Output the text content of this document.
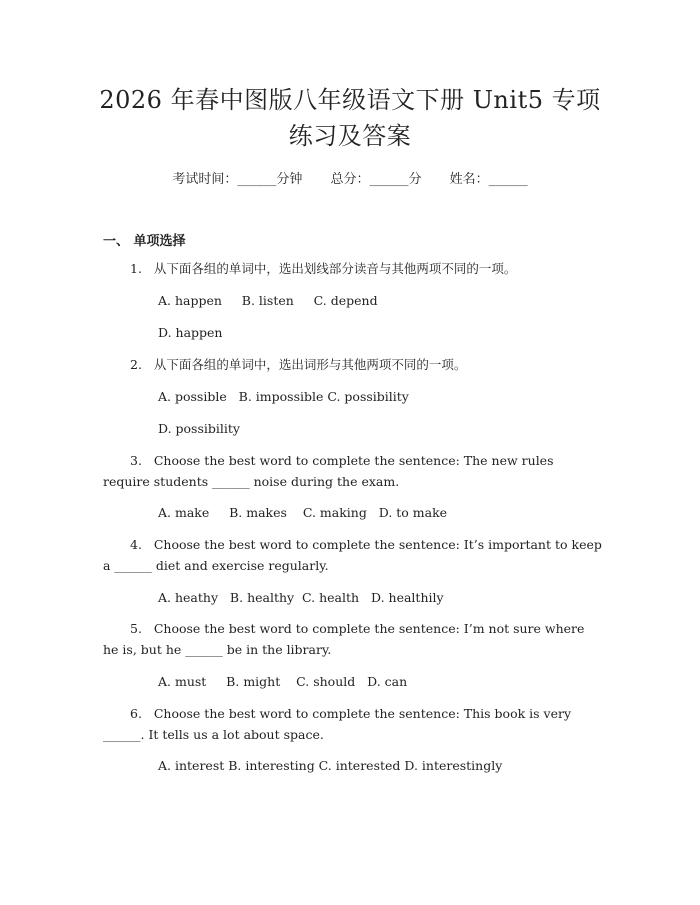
2026 年春中图版八年级语文下册 Unit5 专项
练习及答案
考试时间：______分钟 总分：______分 姓名：______
一、 单项选择
1.   从下面各组的单词中，选出划线部分读音与其他两项不同的一项。
A. happen     B. listen     C. depend
D. happen
2.   从下面各组的单词中，选出词形与其他两项不同的一项。
A. possible   B. impossible C. possibility
D. possibility
3.   Choose the best word to complete the sentence: The new rules require students ______ noise during the exam.
A. make     B. makes    C. making   D. to make
4.   Choose the best word to complete the sentence: It’s important to keep a ______ diet and exercise regularly.
A. heathy   B. healthy  C. health   D. healthily
5.   Choose the best word to complete the sentence: I’m not sure where he is, but he ______ be in the library.
A. must     B. might    C. should   D. can
6.   Choose the best word to complete the sentence: This book is very ______. It tells us a lot about space.
A. interest B. interesting C. interested D. interestingly
